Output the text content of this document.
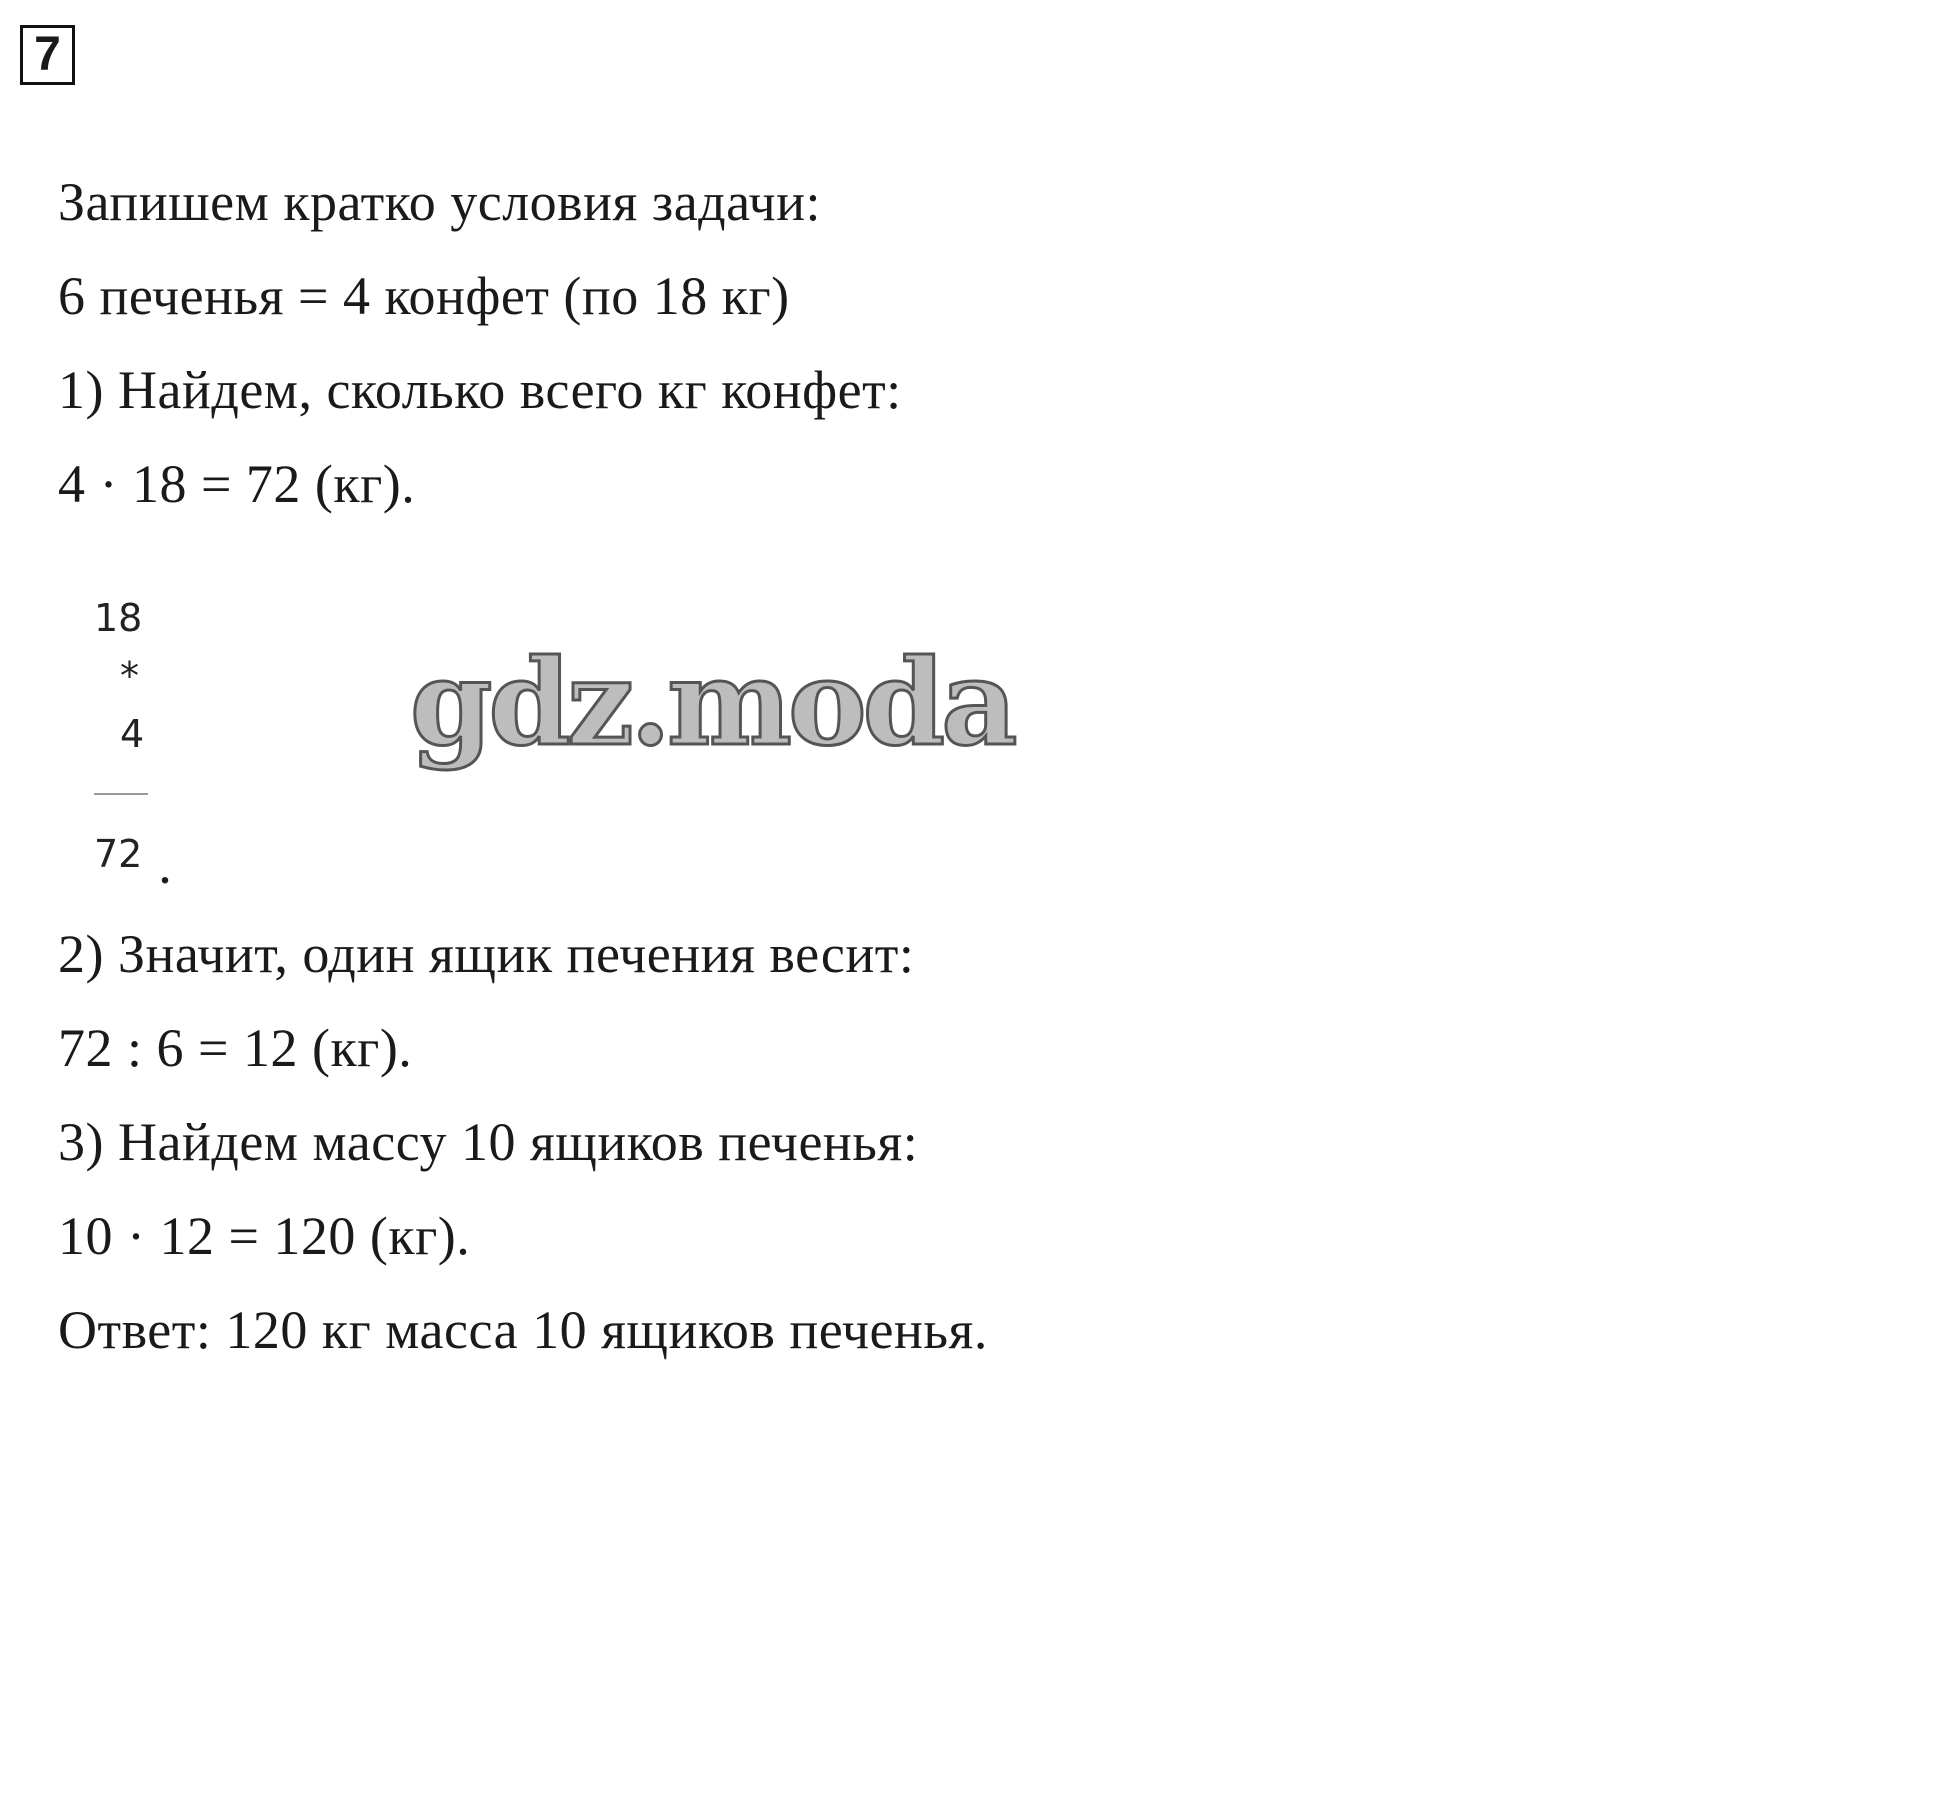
7
Запишем кратко условия задачи:
6 печенья = 4 конфет (по 18 кг)
1) Найдем, сколько всего кг конфет:
4 · 18 = 72 (кг).
18
*
4
72 .
gdz.moda
2) Значит, один ящик печения весит:
72 : 6 = 12 (кг).
3) Найдем массу 10 ящиков печенья:
10 · 12 = 120 (кг).
Ответ: 120 кг масса 10 ящиков печенья.
